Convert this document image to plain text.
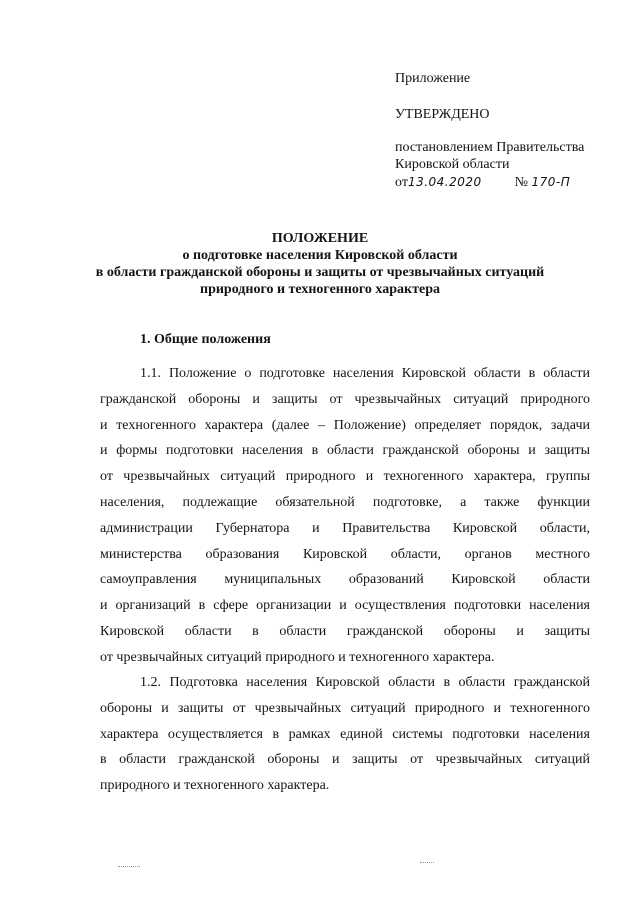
Приложение
УТВЕРЖДЕНО
постановлением Правительства
Кировской области
от13.04.2020 № 170-П
ПОЛОЖЕНИЕ
о подготовке населения Кировской области
в области гражданской обороны и защиты от чрезвычайных ситуаций
природного и техногенного характера
1. Общие положения
1.1. Положение о подготовке населения Кировской области в области
гражданской обороны и защиты от чрезвычайных ситуаций природного
и техногенного характера (далее – Положение) определяет порядок, задачи
и формы подготовки населения в области гражданской обороны и защиты
от чрезвычайных ситуаций природного и техногенного характера, группы
населения, подлежащие обязательной подготовке, а также функции
администрации Губернатора и Правительства Кировской области,
министерства образования Кировской области, органов местного
самоуправления муниципальных образований Кировской области
и организаций в сфере организации и осуществления подготовки населения
Кировской области в области гражданской обороны и защиты
от чрезвычайных ситуаций природного и техногенного характера.
1.2. Подготовка населения Кировской области в области гражданской
обороны и защиты от чрезвычайных ситуаций природного и техногенного
характера осуществляется в рамках единой системы подготовки населения
в области гражданской обороны и защиты от чрезвычайных ситуаций
природного и техногенного характера.
